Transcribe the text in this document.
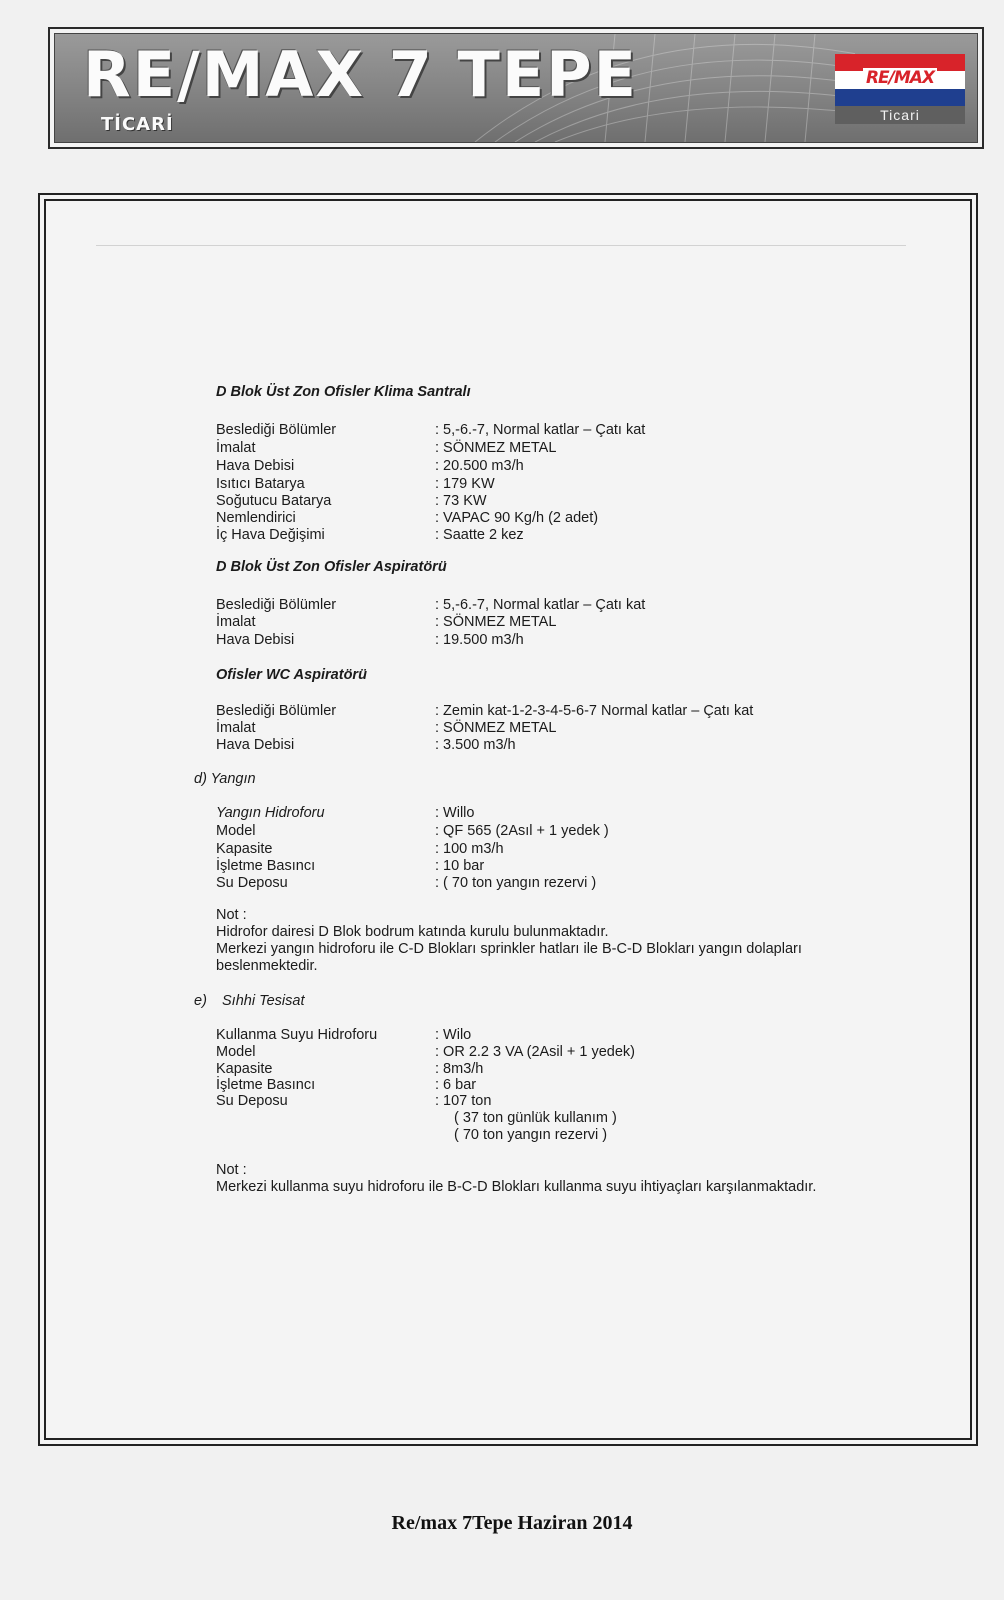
RE/MAX 7 TEPE
TİCARİ
RE/MAX
Ticari
D Blok Üst Zon Ofisler Klima Santralı
Beslediği Bölümler	: 5,-6.-7, Normal katlar – Çatı kat
İmalat	: SÖNMEZ METAL
Hava Debisi	: 20.500 m3/h
Isıtıcı Batarya	: 179 KW
Soğutucu Batarya	: 73 KW
Nemlendirici	: VAPAC 90 Kg/h (2 adet)
İç Hava Değişimi	: Saatte 2 kez
D Blok Üst Zon Ofisler Aspiratörü
Beslediği Bölümler	: 5,-6.-7, Normal katlar – Çatı kat
İmalat	: SÖNMEZ METAL
Hava Debisi	: 19.500 m3/h
Ofisler WC Aspiratörü
Beslediği Bölümler	: Zemin kat-1-2-3-4-5-6-7 Normal katlar – Çatı kat
İmalat	: SÖNMEZ METAL
Hava Debisi	: 3.500 m3/h
d) Yangın
Yangın Hidroforu	: Willo
Model	: QF 565 (2Asıl + 1 yedek )
Kapasite	: 100 m3/h
İşletme Basıncı	: 10 bar
Su Deposu	: ( 70 ton yangın rezervi )
Not :
Hidrofor dairesi D Blok bodrum katında kurulu bulunmaktadır.
Merkezi yangın hidroforu ile C-D Blokları sprinkler hatları ile B-C-D Blokları yangın dolapları
beslenmektedir.
e) Sıhhi Tesisat
Kullanma Suyu Hidroforu	: Wilo
Model	: OR 2.2 3 VA (2Asil + 1 yedek)
Kapasite	: 8m3/h
İşletme Basıncı	: 6 bar
Su Deposu	: 107 ton
( 37 ton günlük kullanım )
( 70 ton yangın rezervi )
Not :
Merkezi kullanma suyu hidroforu ile B-C-D Blokları kullanma suyu ihtiyaçları karşılanmaktadır.
Re/max 7Tepe Haziran 2014
